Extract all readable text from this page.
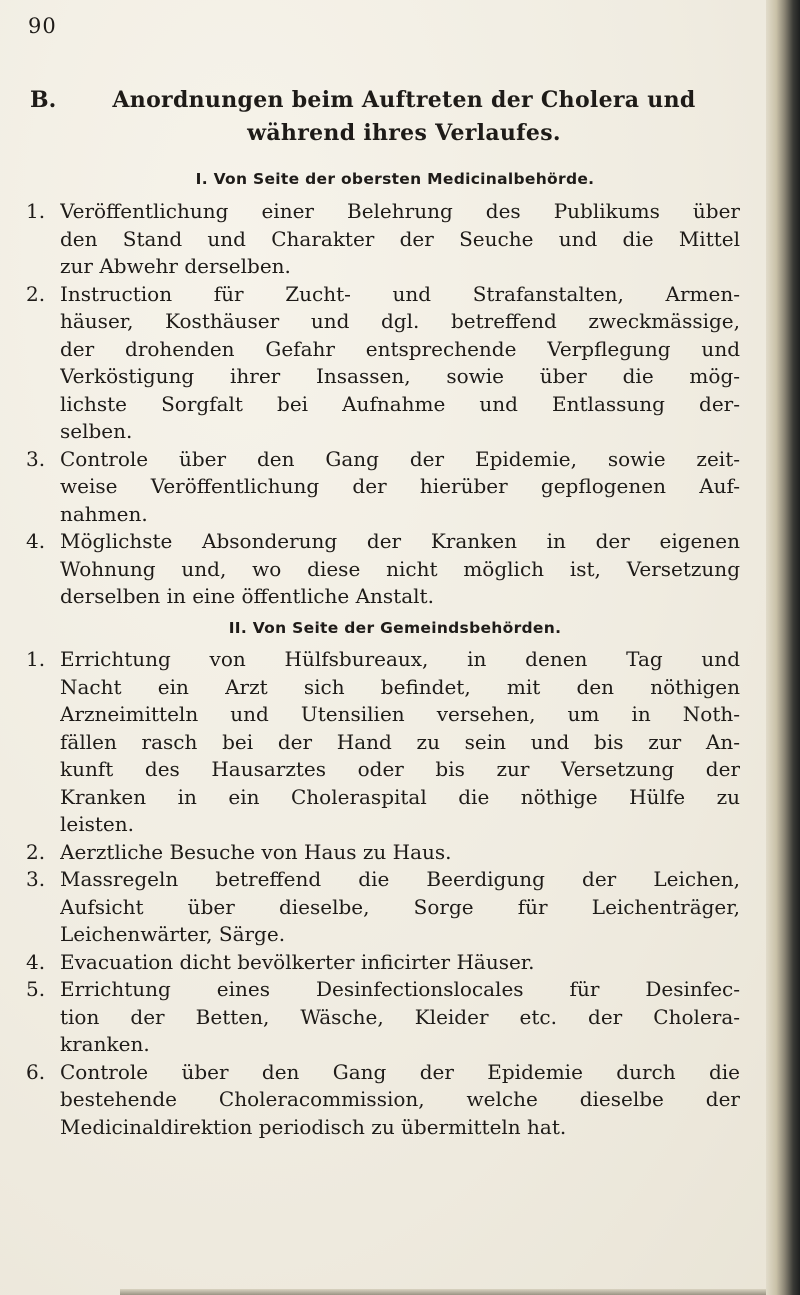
90
B.	Anordnungen beim Auftreten der Cholera und
während ihres Verlaufes.
I. Von Seite der obersten Medicinalbehörde.
1. Veröffentlichung einer Belehrung des Publikums über
den Stand und Charakter der Seuche und die Mittel
zur Abwehr derselben.
2. Instruction für Zucht- und Strafanstalten, Armen-
häuser, Kosthäuser und dgl. betreffend zweckmässige,
der drohenden Gefahr entsprechende Verpflegung und
Verköstigung ihrer Insassen, sowie über die mög-
lichste Sorgfalt bei Aufnahme und Entlassung der-
selben.
3. Controle über den Gang der Epidemie, sowie zeit-
weise Veröffentlichung der hierüber gepflogenen Auf-
nahmen.
4. Möglichste Absonderung der Kranken in der eigenen
Wohnung und, wo diese nicht möglich ist, Versetzung
derselben in eine öffentliche Anstalt.
II. Von Seite der Gemeindsbehörden.
1. Errichtung von Hülfsbureaux, in denen Tag und
Nacht ein Arzt sich befindet, mit den nöthigen
Arzneimitteln und Utensilien versehen, um in Noth-
fällen rasch bei der Hand zu sein und bis zur An-
kunft des Hausarztes oder bis zur Versetzung der
Kranken in ein Choleraspital die nöthige Hülfe zu
leisten.
2. Aerztliche Besuche von Haus zu Haus.
3. Massregeln betreffend die Beerdigung der Leichen,
Aufsicht über dieselbe, Sorge für Leichenträger,
Leichenwärter, Särge.
4. Evacuation dicht bevölkerter inficirter Häuser.
5. Errichtung eines Desinfectionslocales für Desinfec-
tion der Betten, Wäsche, Kleider etc. der Cholera-
kranken.
6. Controle über den Gang der Epidemie durch die
bestehende Choleracommission, welche dieselbe der
Medicinaldirektion periodisch zu übermitteln hat.
